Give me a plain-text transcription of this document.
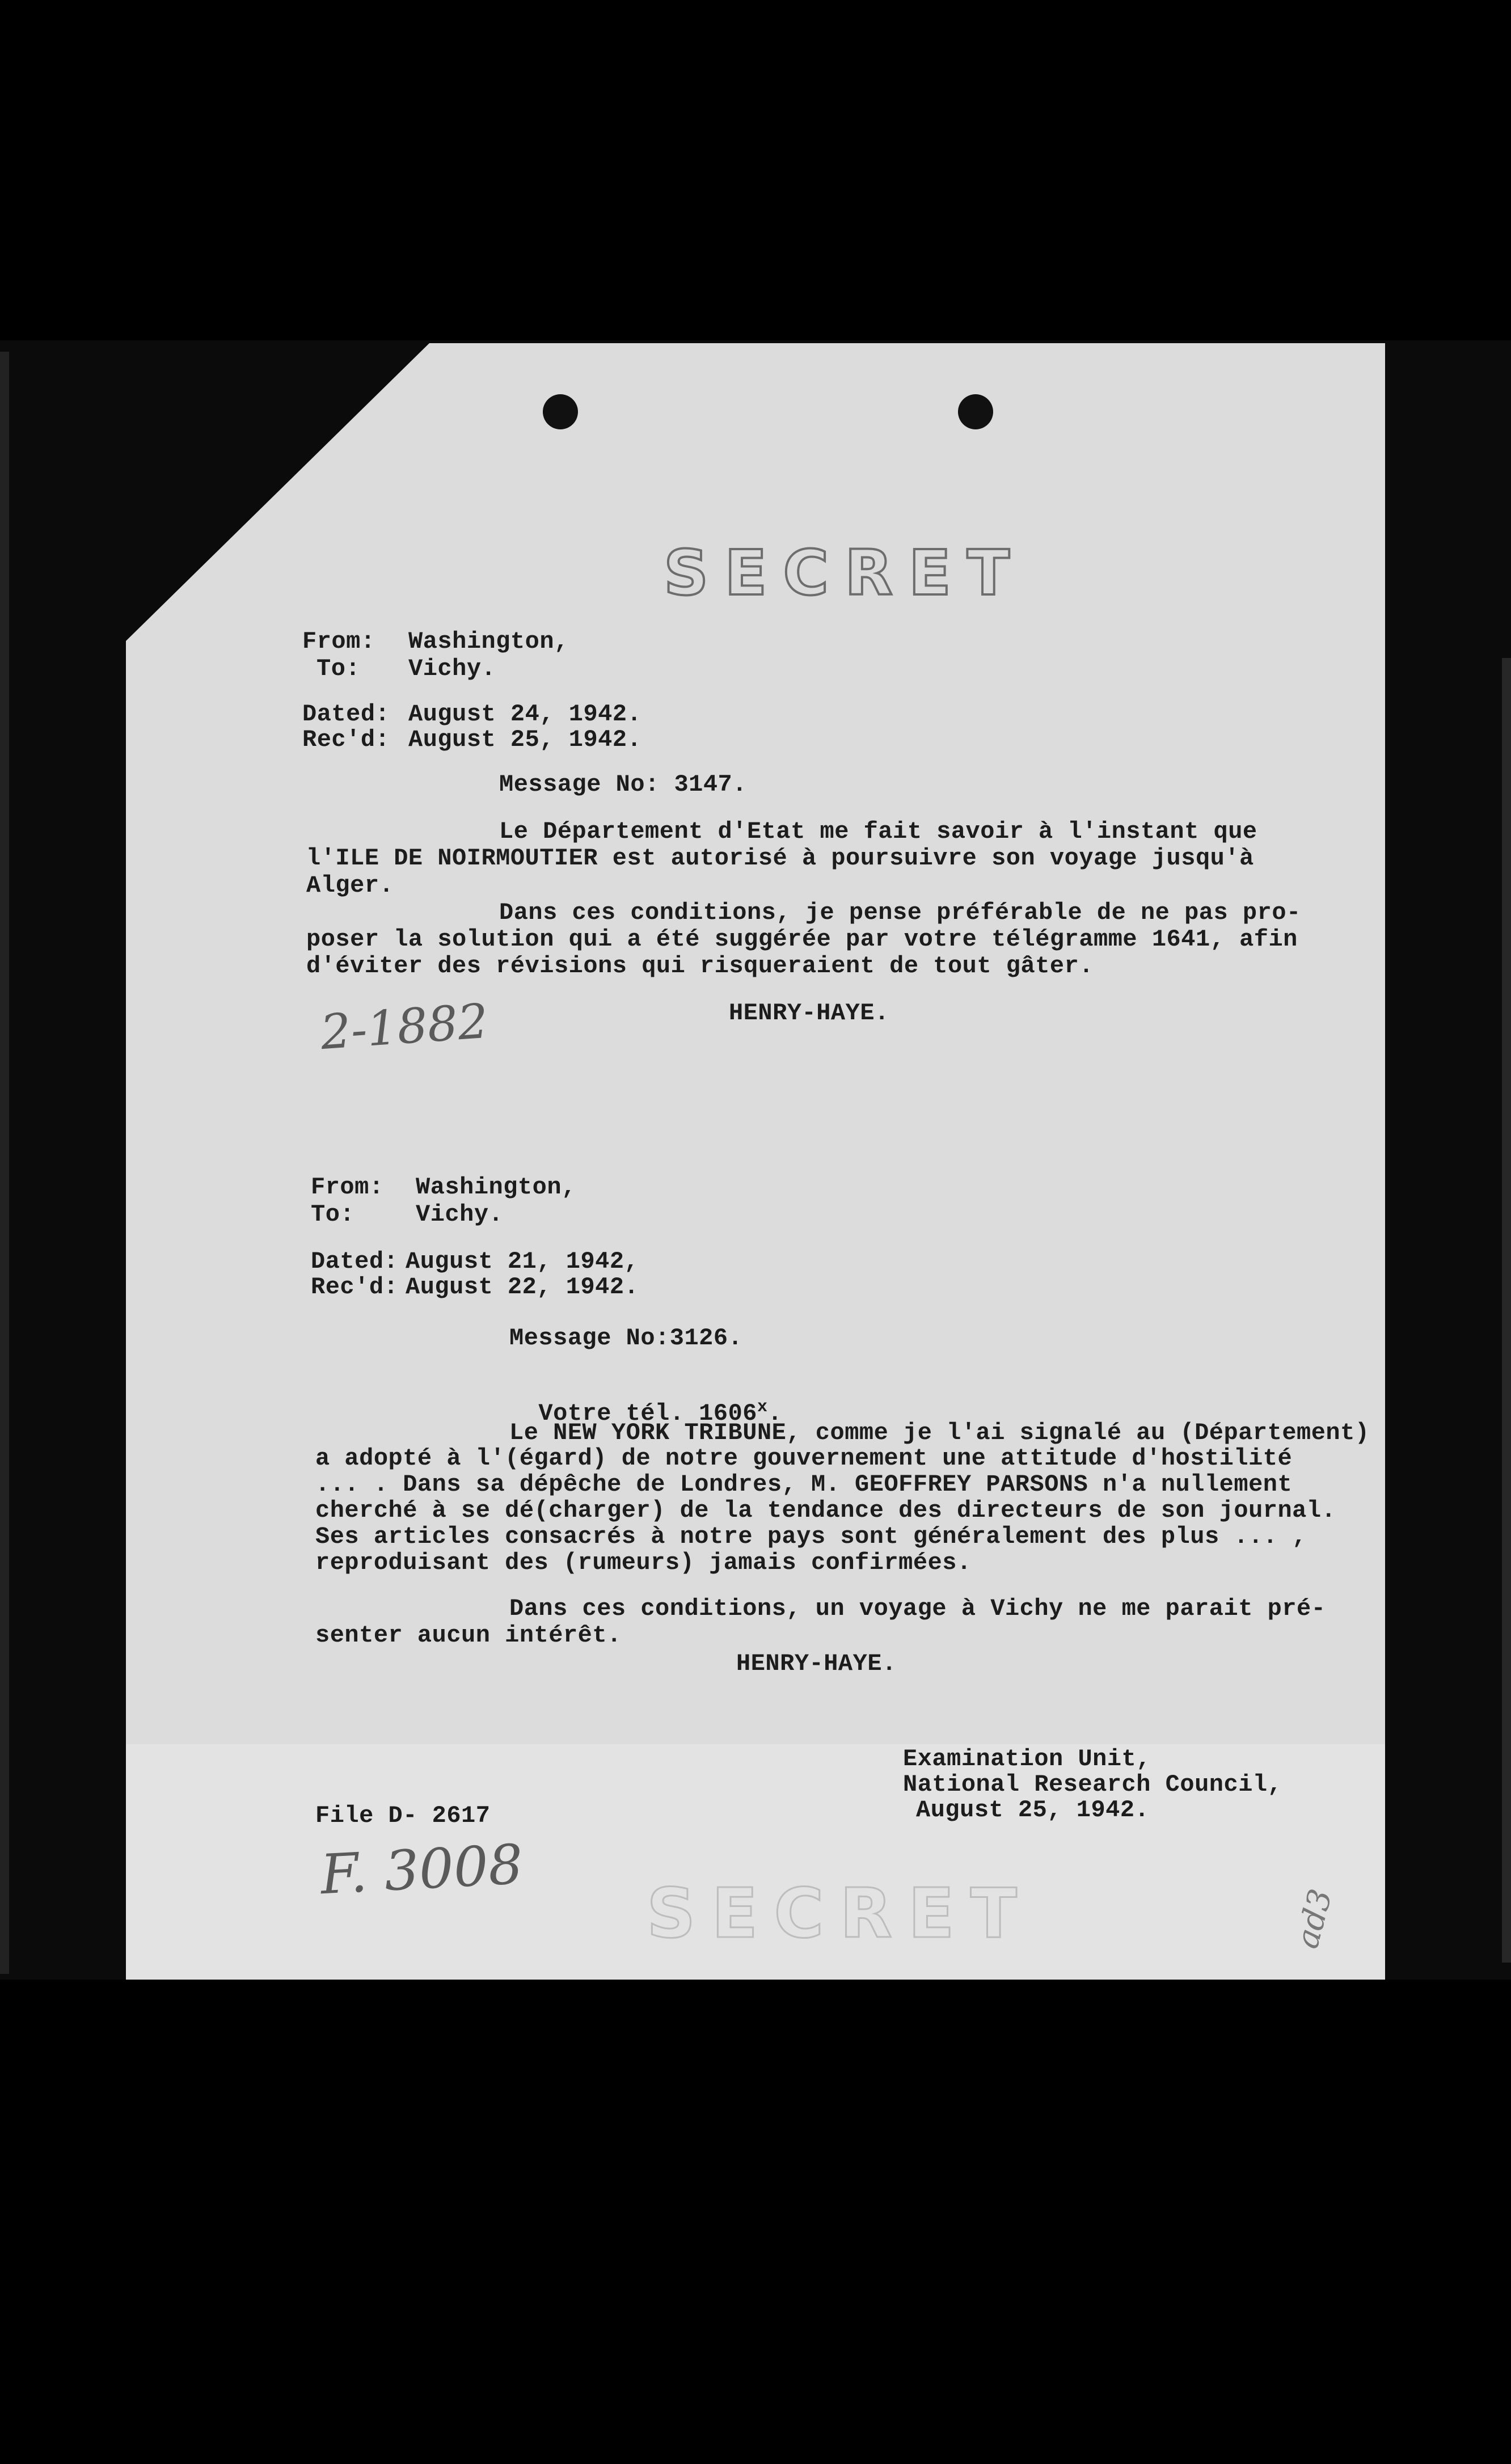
SECRET
From: Washington,
To: Vichy.
Dated: August 24, 1942.
Rec'd: August 25, 1942.
Message No: 3147.
Le Département d'Etat me fait savoir à l'instant que
l'ILE DE NOIRMOUTIER est autorisé à poursuivre son voyage jusqu'à
Alger.
Dans ces conditions, je pense préférable de ne pas pro-
poser la solution qui a été suggérée par votre télégramme 1641, afin
d'éviter des révisions qui risqueraient de tout gâter.
HENRY-HAYE.
2-1882
From: Washington,
To:	Vichy.
Dated: August 21, 1942,
Rec'd: August 22, 1942.
Message No:3126.

Votre tél. 1606$^x$.

Le NEW YORK TRIBUNE, comme je l'ai signalé au (Département)
a adopté à l'(égard) de notre gouvernement une attitude d'hostilité
... . Dans sa dépêche de Londres, M. GEOFFREY PARSONS n'a nullement
cherché à se dé(charger) de la tendance des directeurs de son journal.
Ses articles consacrés à notre pays sont généralement des plus ... ,
reproduisant des (rumeurs) jamais confirmées.
Dans ces conditions, un voyage à Vichy ne me parait pré-
senter aucun intérêt.
HENRY-HAYE.
Examination Unit,
National Research Council,
August 25, 1942.
File D- 2617
F. 3008
ad3
SECRET
